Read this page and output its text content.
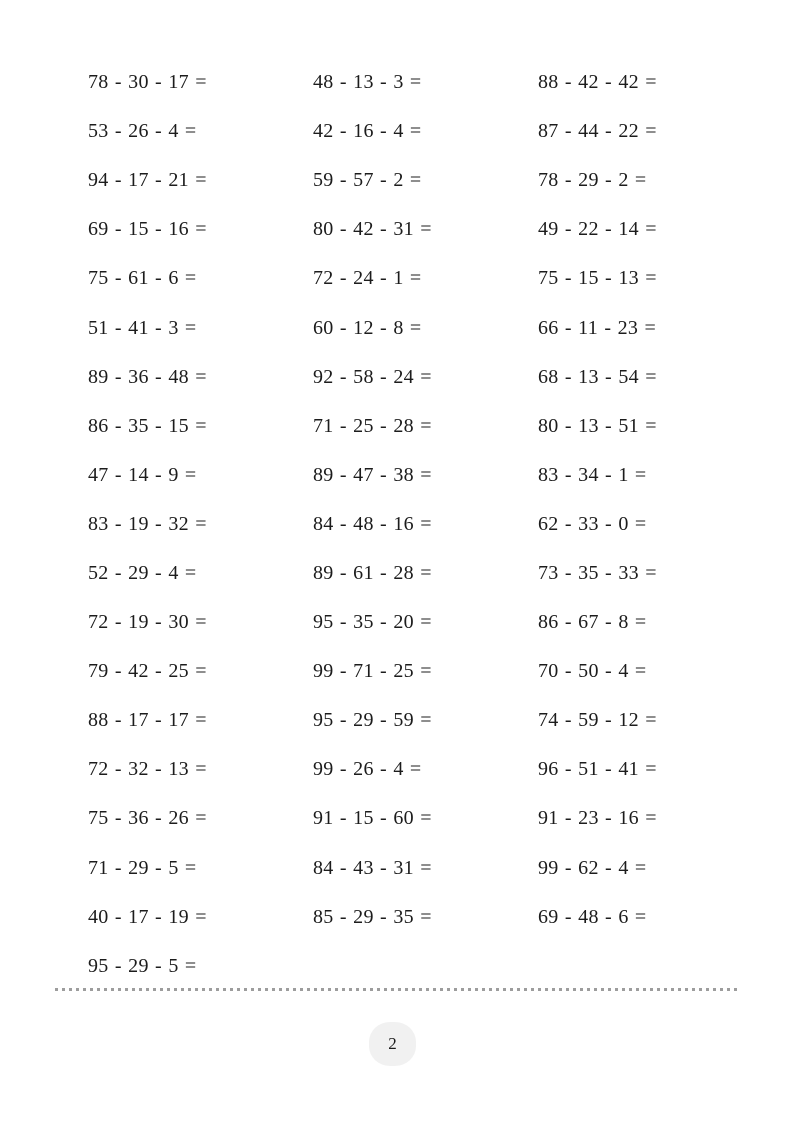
78 - 30 - 17 =
53 - 26 - 4 =
94 - 17 - 21 =
69 - 15 - 16 =
75 - 61 - 6 =
51 - 41 - 3 =
89 - 36 - 48 =
86 - 35 - 15 =
47 - 14 - 9 =
83 - 19 - 32 =
52 - 29 - 4 =
72 - 19 - 30 =
79 - 42 - 25 =
88 - 17 - 17 =
72 - 32 - 13 =
75 - 36 - 26 =
71 - 29 - 5 =
40 - 17 - 19 =
95 - 29 - 5 =
48 - 13 - 3 =
42 - 16 - 4 =
59 - 57 - 2 =
80 - 42 - 31 =
72 - 24 - 1 =
60 - 12 - 8 =
92 - 58 - 24 =
71 - 25 - 28 =
89 - 47 - 38 =
84 - 48 - 16 =
89 - 61 - 28 =
95 - 35 - 20 =
99 - 71 - 25 =
95 - 29 - 59 =
99 - 26 - 4 =
91 - 15 - 60 =
84 - 43 - 31 =
85 - 29 - 35 =
88 - 42 - 42 =
87 - 44 - 22 =
78 - 29 - 2 =
49 - 22 - 14 =
75 - 15 - 13 =
66 - 11 - 23 =
68 - 13 - 54 =
80 - 13 - 51 =
83 - 34 - 1 =
62 - 33 - 0 =
73 - 35 - 33 =
86 - 67 - 8 =
70 - 50 - 4 =
74 - 59 - 12 =
96 - 51 - 41 =
91 - 23 - 16 =
99 - 62 - 4 =
69 - 48 - 6 =
2
